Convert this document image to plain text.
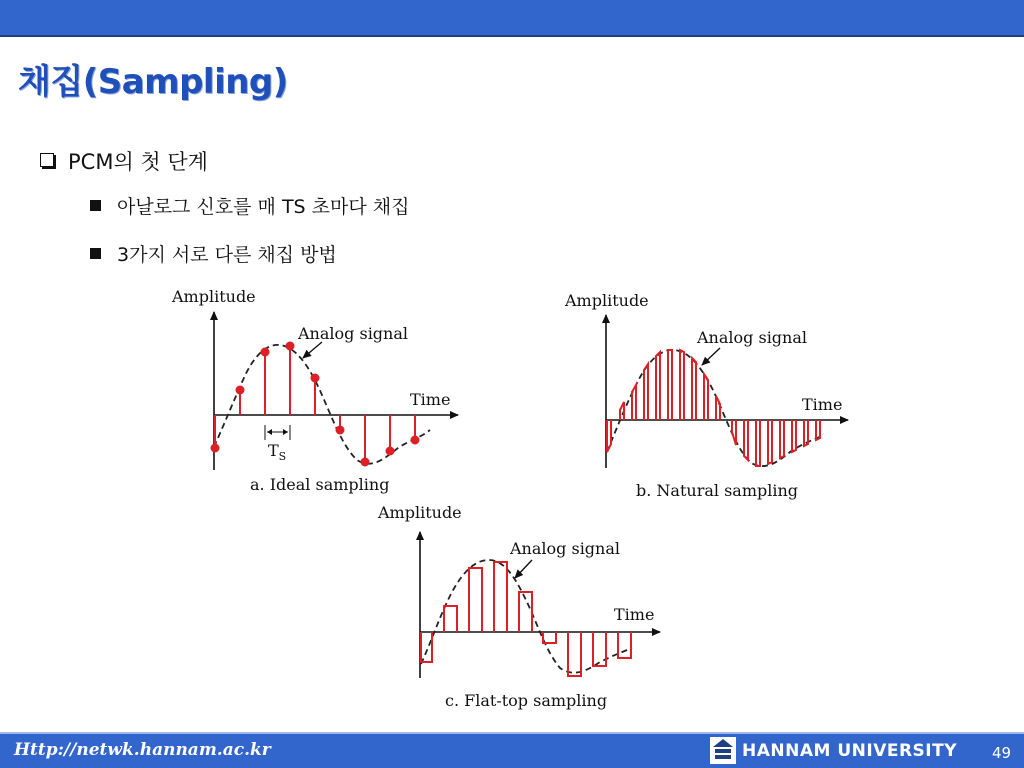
채집(Sampling)
PCM의 첫 단계
아날로그 신호를 매 TS 초마다 채집
3가지 서로 다른 채집 방법
Amplitude
Time
Analog signal
$T_S$
a. Ideal sampling
Amplitude
Time
Analog signal
b. Natural sampling
Amplitude
Time
Analog signal
c. Flat-top sampling
Http://netwk.hannam.ac.kr	HANNAM UNIVERSITY 49
